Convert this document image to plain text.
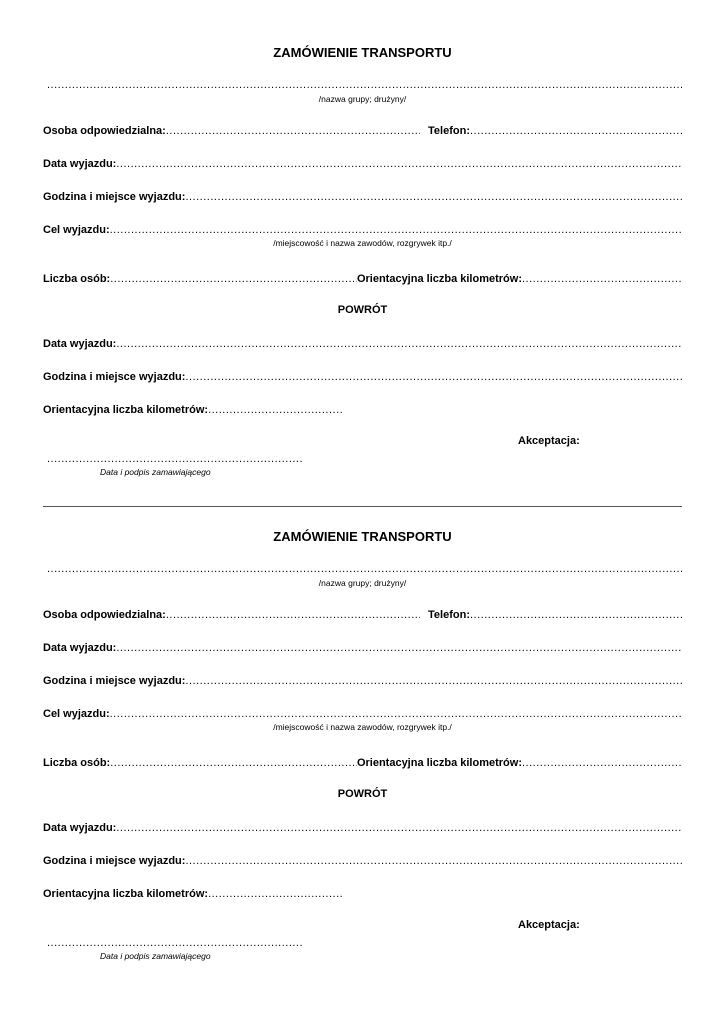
ZAMÓWIENIE TRANSPORTU
.....
/nazwa grupy; drużyny/
Osoba odpowiedzialna: .....	Telefon:
.....
Data wyjazdu:
.....
Godzina i miejsce wyjazdu:
.....
Cel wyjazdu:
.....
/miejscowość i nazwa zawodów, rozgrywek itp./
Liczba osób: .....	Orientacyjna liczba kilometrów:
.....
POWRÓT
Data wyjazdu:
.....
Godzina i miejsce wyjazdu:
.....
Orientacyjna liczba kilometrów:
.....
Akceptacja:
.....
Data i podpis zamawiającego
ZAMÓWIENIE TRANSPORTU
.....
/nazwa grupy; drużyny/
Osoba odpowiedzialna: .....	Telefon:
.....
Data wyjazdu:
.....
Godzina i miejsce wyjazdu:
.....
Cel wyjazdu:
.....
/miejscowość i nazwa zawodów, rozgrywek itp./
Liczba osób: .....	Orientacyjna liczba kilometrów:
.....
POWRÓT
Data wyjazdu:
.....
Godzina i miejsce wyjazdu:
.....
Orientacyjna liczba kilometrów:
.....
Akceptacja:
.....
Data i podpis zamawiającego
